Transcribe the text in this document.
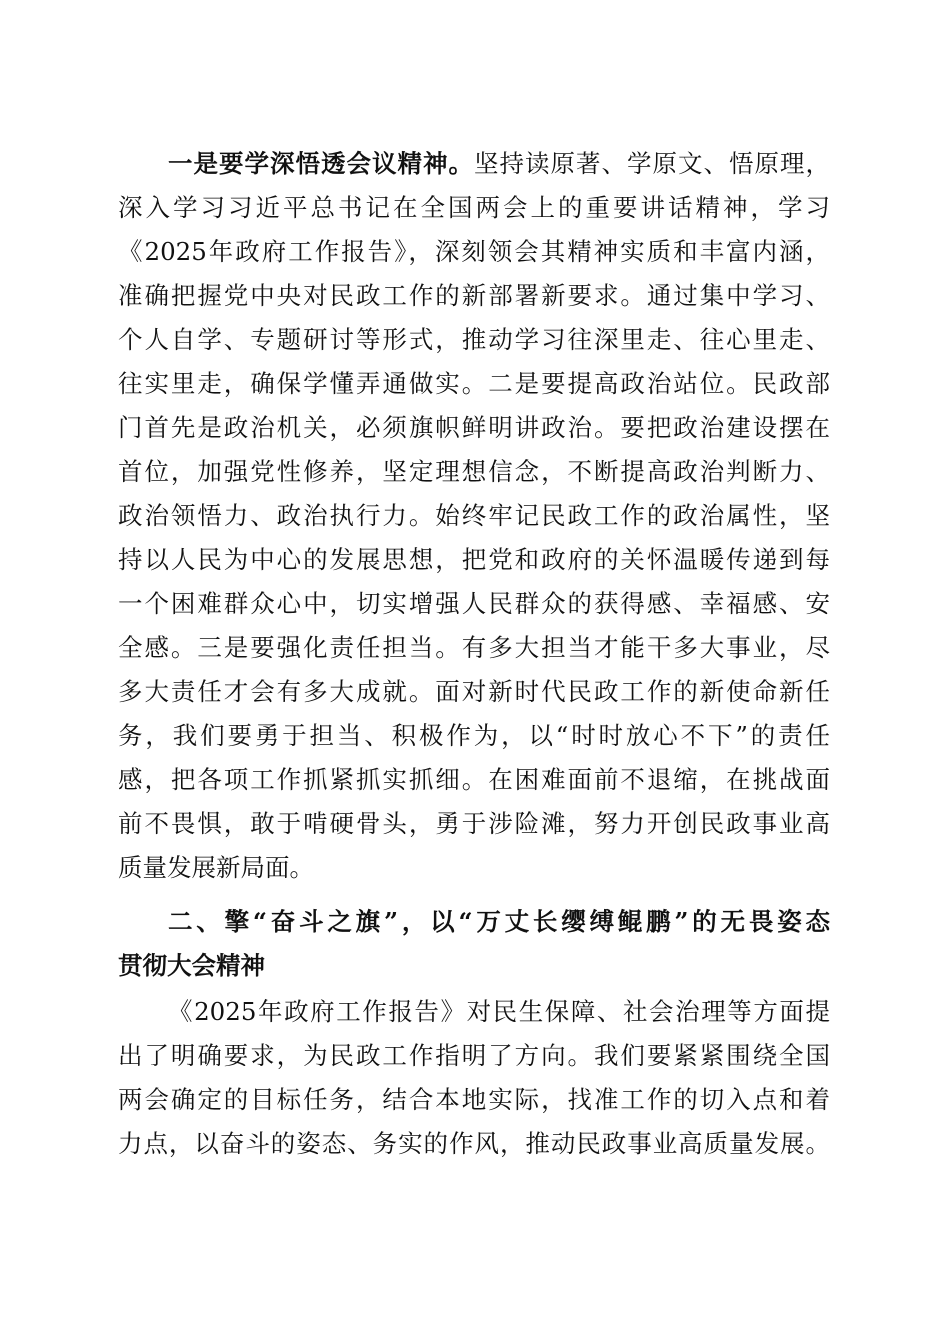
一是要学深悟透会议精神。坚持读原著、学原文、悟原理，
深入学习习近平总书记在全国两会上的重要讲话精神，学习
《2025年政府工作报告》，深刻领会其精神实质和丰富内涵，
准确把握党中央对民政工作的新部署新要求。通过集中学习、
个人自学、专题研讨等形式，推动学习往深里走、往心里走、
往实里走，确保学懂弄通做实。二是要提高政治站位。民政部
门首先是政治机关，必须旗帜鲜明讲政治。要把政治建设摆在
首位，加强党性修养，坚定理想信念，不断提高政治判断力、
政治领悟力、政治执行力。始终牢记民政工作的政治属性，坚
持以人民为中心的发展思想，把党和政府的关怀温暖传递到每
一个困难群众心中，切实增强人民群众的获得感、幸福感、安
全感。三是要强化责任担当。有多大担当才能干多大事业，尽
多大责任才会有多大成就。面对新时代民政工作的新使命新任
务，我们要勇于担当、积极作为，以“时时放心不下”的责任
感，把各项工作抓紧抓实抓细。在困难面前不退缩，在挑战面
前不畏惧，敢于啃硬骨头，勇于涉险滩，努力开创民政事业高
质量发展新局面。
二、擎“奋斗之旗”，以“万丈长缨缚鲲鹏”的无畏姿态
贯彻大会精神
《2025年政府工作报告》对民生保障、社会治理等方面提
出了明确要求，为民政工作指明了方向。我们要紧紧围绕全国
两会确定的目标任务，结合本地实际，找准工作的切入点和着
力点，以奋斗的姿态、务实的作风，推动民政事业高质量发展。
